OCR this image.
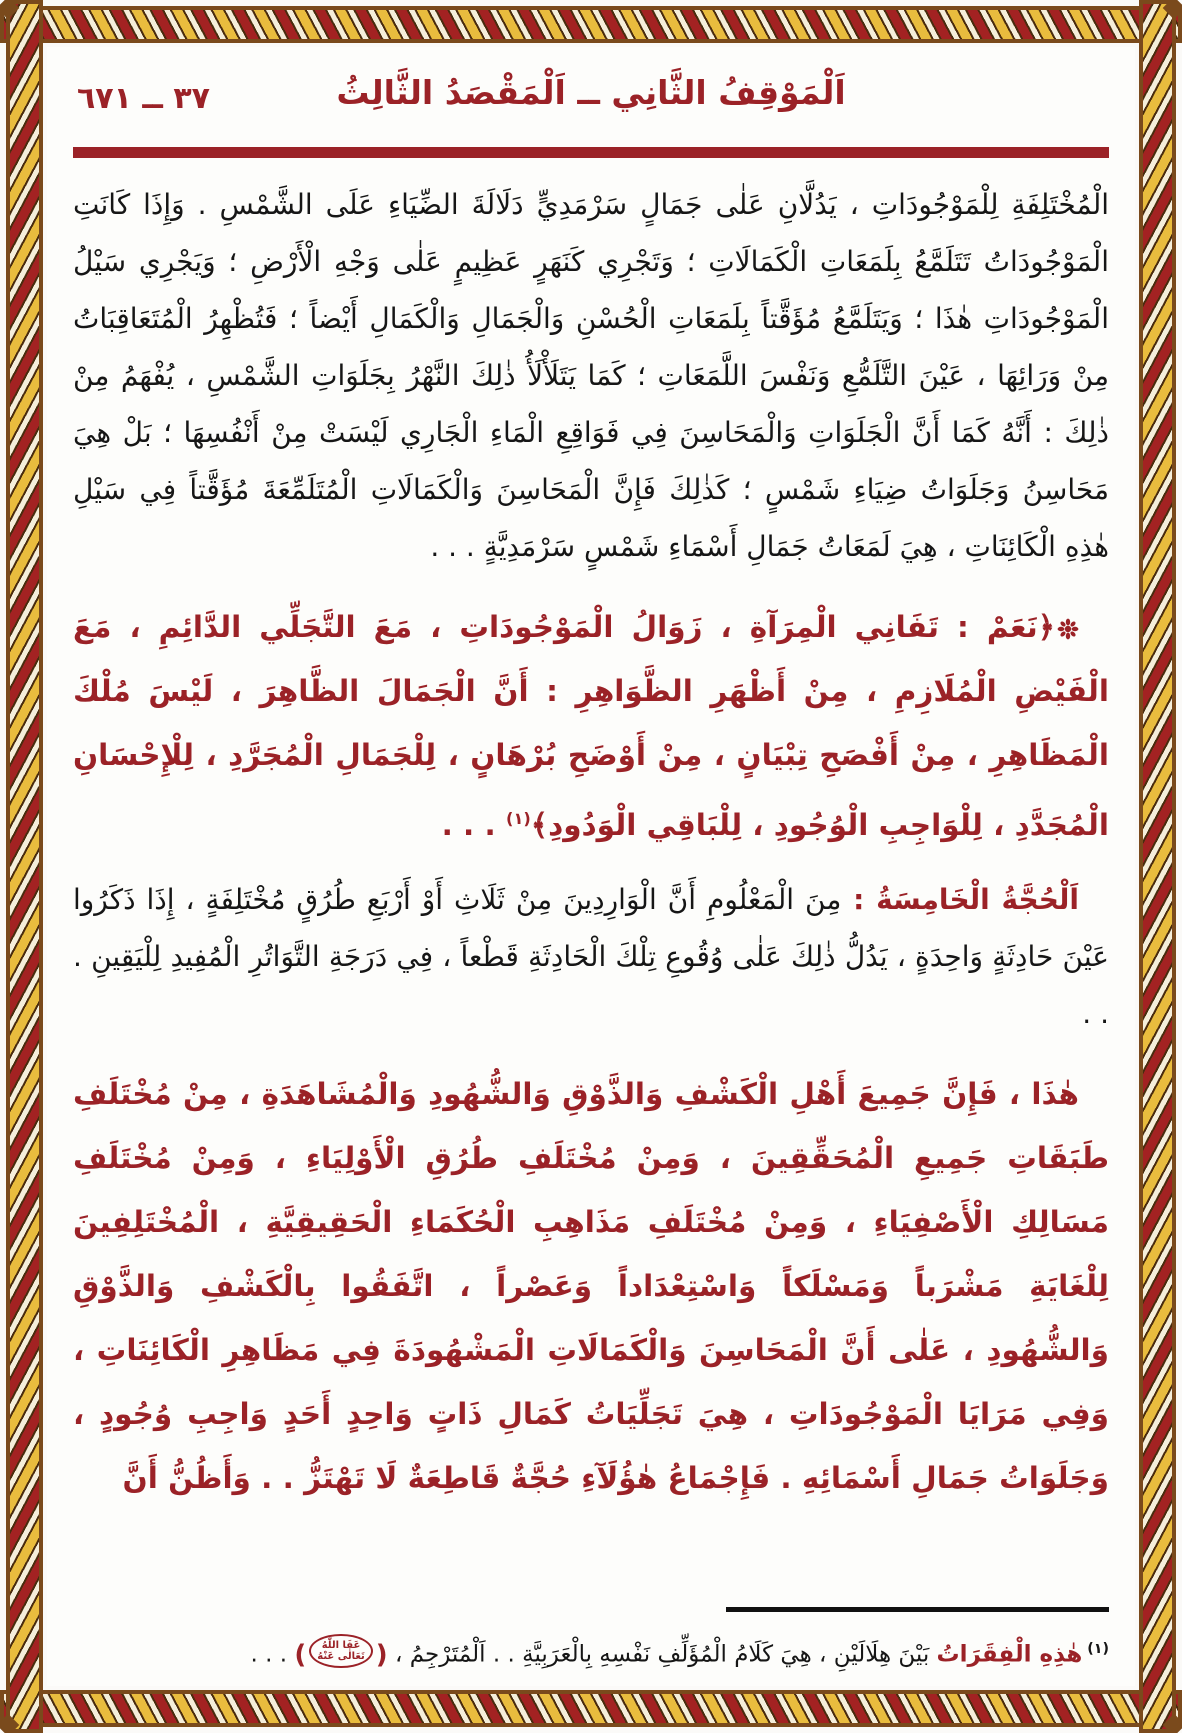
٣٧ ــ ٦٧١	اَلْمَوْقِفُ الثَّانِي ــ اَلْمَقْصَدُ الثَّالِثُ

الْمُخْتَلِفَةِ لِلْمَوْجُودَاتِ ، يَدُلَّانِ عَلٰى جَمَالٍ سَرْمَدِيٍّ دَلَالَةَ الضِّيَاءِ عَلَى الشَّمْسِ . وَإِذَا كَانَتِ الْمَوْجُودَاتُ تَتَلَمَّعُ بِلَمَعَاتِ الْكَمَالَاتِ ؛ وَتَجْرِي كَنَهَرٍ عَظِيمٍ عَلٰى وَجْهِ الْأَرْضِ ؛ وَيَجْرِي سَيْلُ الْمَوْجُودَاتِ هٰذَا ؛ وَيَتَلَمَّعُ مُؤَقَّتاً بِلَمَعَاتِ الْحُسْنِ وَالْجَمَالِ وَالْكَمَالِ أَيْضاً ؛ فَتُظْهِرُ الْمُتَعَاقِبَاتُ مِنْ وَرَائِهَا ، عَيْنَ التَّلَمُّعِ وَنَفْسَ اللَّمَعَاتِ ؛ كَمَا يَتَلَأْلَأُ ذٰلِكَ النَّهْرُ بِجَلَوَاتِ الشَّمْسِ ، يُفْهَمُ مِنْ ذٰلِكَ : أَنَّهُ كَمَا أَنَّ الْجَلَوَاتِ وَالْمَحَاسِنَ فِي فَوَاقِعِ الْمَاءِ الْجَارِي لَيْسَتْ مِنْ أَنْفُسِهَا ؛ بَلْ هِيَ مَحَاسِنُ وَجَلَوَاتُ ضِيَاءِ شَمْسٍ ؛ كَذٰلِكَ فَإِنَّ الْمَحَاسِنَ وَالْكَمَالَاتِ الْمُتَلَمِّعَةَ مُؤَقَّتاً فِي سَيْلِ هٰذِهِ الْكَائِنَاتِ ، هِيَ لَمَعَاتُ جَمَالِ أَسْمَاءِ شَمْسٍ سَرْمَدِيَّةٍ . . .

﴿نَعَمْ : تَفَانِي الْمِرَآةِ ، زَوَالُ الْمَوْجُودَاتِ ، مَعَ التَّجَلِّي الدَّائِمِ ، مَعَ الْفَيْضِ الْمُلَازِمِ ، مِنْ أَظْهَرِ الظَّوَاهِرِ : أَنَّ الْجَمَالَ الظَّاهِرَ ، لَيْسَ مُلْكَ الْمَظَاهِرِ ، مِنْ أَفْصَحِ تِبْيَانٍ ، مِنْ أَوْضَحِ بُرْهَانٍ ، لِلْجَمَالِ الْمُجَرَّدِ ، لِلْإِحْسَانِ الْمُجَدَّدِ ، لِلْوَاجِبِ الْوُجُودِ ، لِلْبَاقِي الْوَدُودِ﴾$^{(١)}$ . . .

اَلْحُجَّةُ الْخَامِسَةُ : مِنَ الْمَعْلُومِ أَنَّ الْوَارِدِينَ مِنْ ثَلَاثِ أَوْ أَرْبَعِ طُرُقٍ مُخْتَلِفَةٍ ، إِذَا ذَكَرُوا عَيْنَ حَادِثَةٍ وَاحِدَةٍ ، يَدُلُّ ذٰلِكَ عَلٰى وُقُوعِ تِلْكَ الْحَادِثَةِ قَطْعاً ، فِي دَرَجَةِ التَّوَاتُرِ الْمُفِيدِ لِلْيَقِينِ . . .

هٰذَا ، فَإِنَّ جَمِيعَ أَهْلِ الْكَشْفِ وَالذَّوْقِ وَالشُّهُودِ وَالْمُشَاهَدَةِ ، مِنْ مُخْتَلَفِ طَبَقَاتِ جَمِيعِ الْمُحَقِّقِينَ ، وَمِنْ مُخْتَلَفِ طُرُقِ الْأَوْلِيَاءِ ، وَمِنْ مُخْتَلَفِ مَسَالِكِ الْأَصْفِيَاءِ ، وَمِنْ مُخْتَلَفِ مَذَاهِبِ الْحُكَمَاءِ الْحَقِيقِيَّةِ ، الْمُخْتَلِفِينَ لِلْغَايَةِ مَشْرَباً وَمَسْلَكاً وَاسْتِعْدَاداً وَعَصْراً ، اتَّفَقُوا بِالْكَشْفِ وَالذَّوْقِ وَالشُّهُودِ ، عَلٰى أَنَّ الْمَحَاسِنَ وَالْكَمَالَاتِ الْمَشْهُودَةَ فِي مَظَاهِرِ الْكَائِنَاتِ ، وَفِي مَرَايَا الْمَوْجُودَاتِ ، هِيَ تَجَلِّيَاتُ كَمَالِ ذَاتٍ وَاحِدٍ أَحَدٍ وَاجِبِ وُجُودٍ ، وَجَلَوَاتُ جَمَالِ أَسْمَائِهِ . فَإِجْمَاعُ هٰؤُلَآءِ حُجَّةٌ قَاطِعَةٌ لَا تَهْتَزُّ . . وَأَظُنُّ أَنَّ

$^{(١)}$ هٰذِهِ الْفِقَرَاتُ بَيْنَ هِلَالَيْنِ ، هِيَ كَلَامُ الْمُؤَلِّفِ نَفْسِهِ بِالْعَرَبِيَّةِ . . اَلْمُتَرْجِمُ ، (عَفَا اللّٰهُ
تَعَالٰى عَنْهُ) . . .
